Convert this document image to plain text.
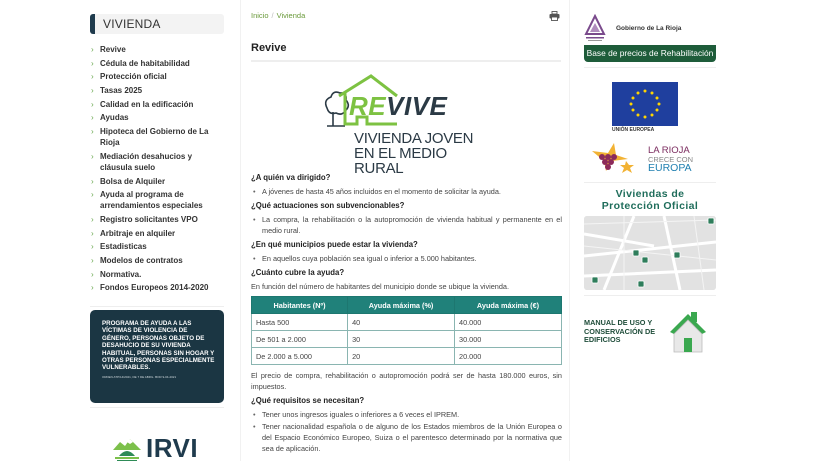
VIVIENDA
› Revive
› Cédula de habitabilidad
› Protección oficial
› Tasas 2025
› Calidad en la edificación
› Ayudas
› Hipoteca del Gobierno de La Rioja
› Mediación desahucios y cláusula suelo
› Bolsa de Alquiler
› Ayuda al programa de arrendamientos especiales
› Registro solicitantes VPO
› Arbitraje en alquiler
› Estadisticas
› Modelos de contratos
› Normativa.
› Fondos Europeos 2014-2020
PROGRAMA DE AYUDA A LAS VÍCTIMAS DE VIOLENCIA DE GÉNERO, PERSONAS OBJETO DE DESAHUCIO DE SU VIVIENDA HABITUAL, PERSONAS SIN HOGAR Y OTRAS PERSONAS ESPECIALMENTE VULNERABLES.
ORDEN ATP/14/2021, DE 7 DE ABRIL. BOR 9-04-2021
IRVI
Inicio / Vivienda
Revive
REVIVE
VIVIENDA JOVEN
EN EL MEDIO RURAL
¿A quién va dirigido?
• A jóvenes de hasta 45 años incluidos en el momento de solicitar la ayuda.
¿Qué actuaciones son subvencionables?
• La compra, la rehabilitación o la autopromoción de vivienda habitual y permanente en el medio rural.
¿En qué municipios puede estar la vivienda?
• En aquellos cuya población sea igual o inferior a 5.000 habitantes.
¿Cuánto cubre la ayuda?
En función del número de habitantes del municipio donde se ubique la vivienda.
Habitantes (Nº)	Ayuda máxima (%)	Ayuda máxima (€)
Hasta 500	40	40.000
De 501 a 2.000	30	30.000
De 2.000 a 5.000	20	20.000
El precio de compra, rehabilitación o autopromoción podrá ser de hasta 180.000 euros, sin impuestos.
¿Qué requisitos se necesitan?
• Tener unos ingresos iguales o inferiores a 6 veces el IPREM.
• Tener nacionalidad española o de alguno de los Estados miembros de la Unión Europea o del Espacio Económico Europeo, Suiza o el parentesco determinado por la normativa que sea de aplicación.
Gobierno de La Rioja
Base de precios de Rehabilitación
UNIÓN EUROPEA
LA RIOJA
CRECE CON
EUROPA
Viviendas de
Protección Oficial
MANUAL DE USO Y CONSERVACIÓN DE EDIFICIOS
